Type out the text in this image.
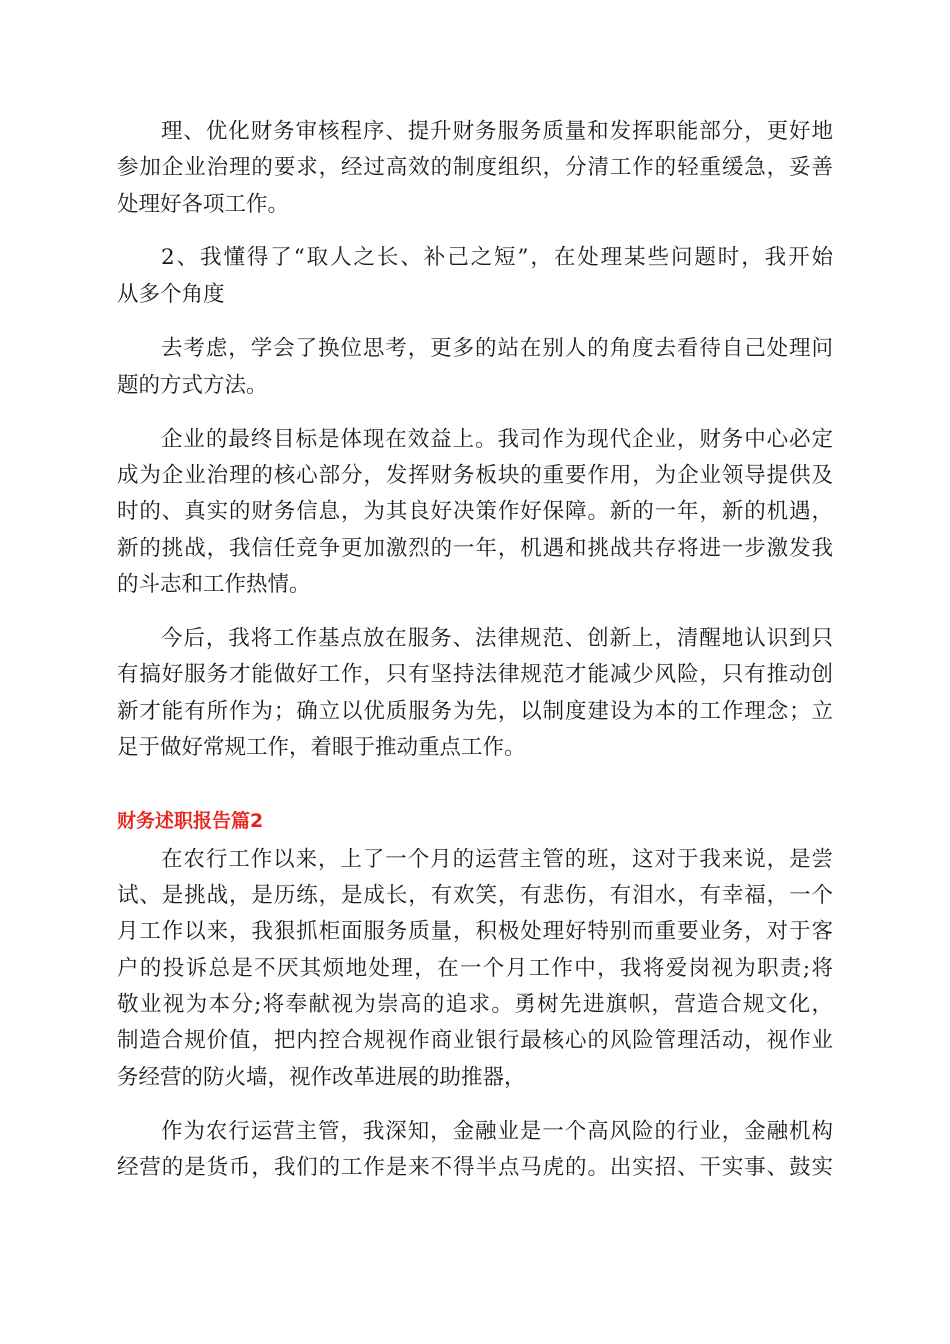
理、优化财务审核程序、提升财务服务质量和发挥职能部分，更好地
参加企业治理的要求，经过高效的制度组织，分清工作的轻重缓急，妥善
处理好各项工作。
2、我懂得了“取人之长、补己之短”，在处理某些问题时，我开始
从多个角度
去考虑，学会了换位思考，更多的站在别人的角度去看待自己处理问
题的方式方法。
企业的最终目标是体现在效益上。我司作为现代企业，财务中心必定
成为企业治理的核心部分，发挥财务板块的重要作用，为企业领导提供及
时的、真实的财务信息，为其良好决策作好保障。新的一年，新的机遇，
新的挑战，我信任竞争更加激烈的一年，机遇和挑战共存将进一步激发我
的斗志和工作热情。
今后，我将工作基点放在服务、法律规范、创新上，清醒地认识到只
有搞好服务才能做好工作，只有坚持法律规范才能减少风险，只有推动创
新才能有所作为；确立以优质服务为先，以制度建设为本的工作理念；立
足于做好常规工作，着眼于推动重点工作。
财务述职报告篇2
在农行工作以来，上了一个月的运营主管的班，这对于我来说，是尝
试、是挑战，是历练，是成长，有欢笑，有悲伤，有泪水，有幸福，一个
月工作以来，我狠抓柜面服务质量，积极处理好特别而重要业务，对于客
户的投诉总是不厌其烦地处理，在一个月工作中，我将爱岗视为职责;将
敬业视为本分;将奉献视为崇高的追求。勇树先进旗帜，营造合规文化，
制造合规价值，把内控合规视作商业银行最核心的风险管理活动，视作业
务经营的防火墙，视作改革进展的助推器，
作为农行运营主管，我深知，金融业是一个高风险的行业，金融机构
经营的是货币，我们的工作是来不得半点马虎的。出实招、干实事、鼓实
